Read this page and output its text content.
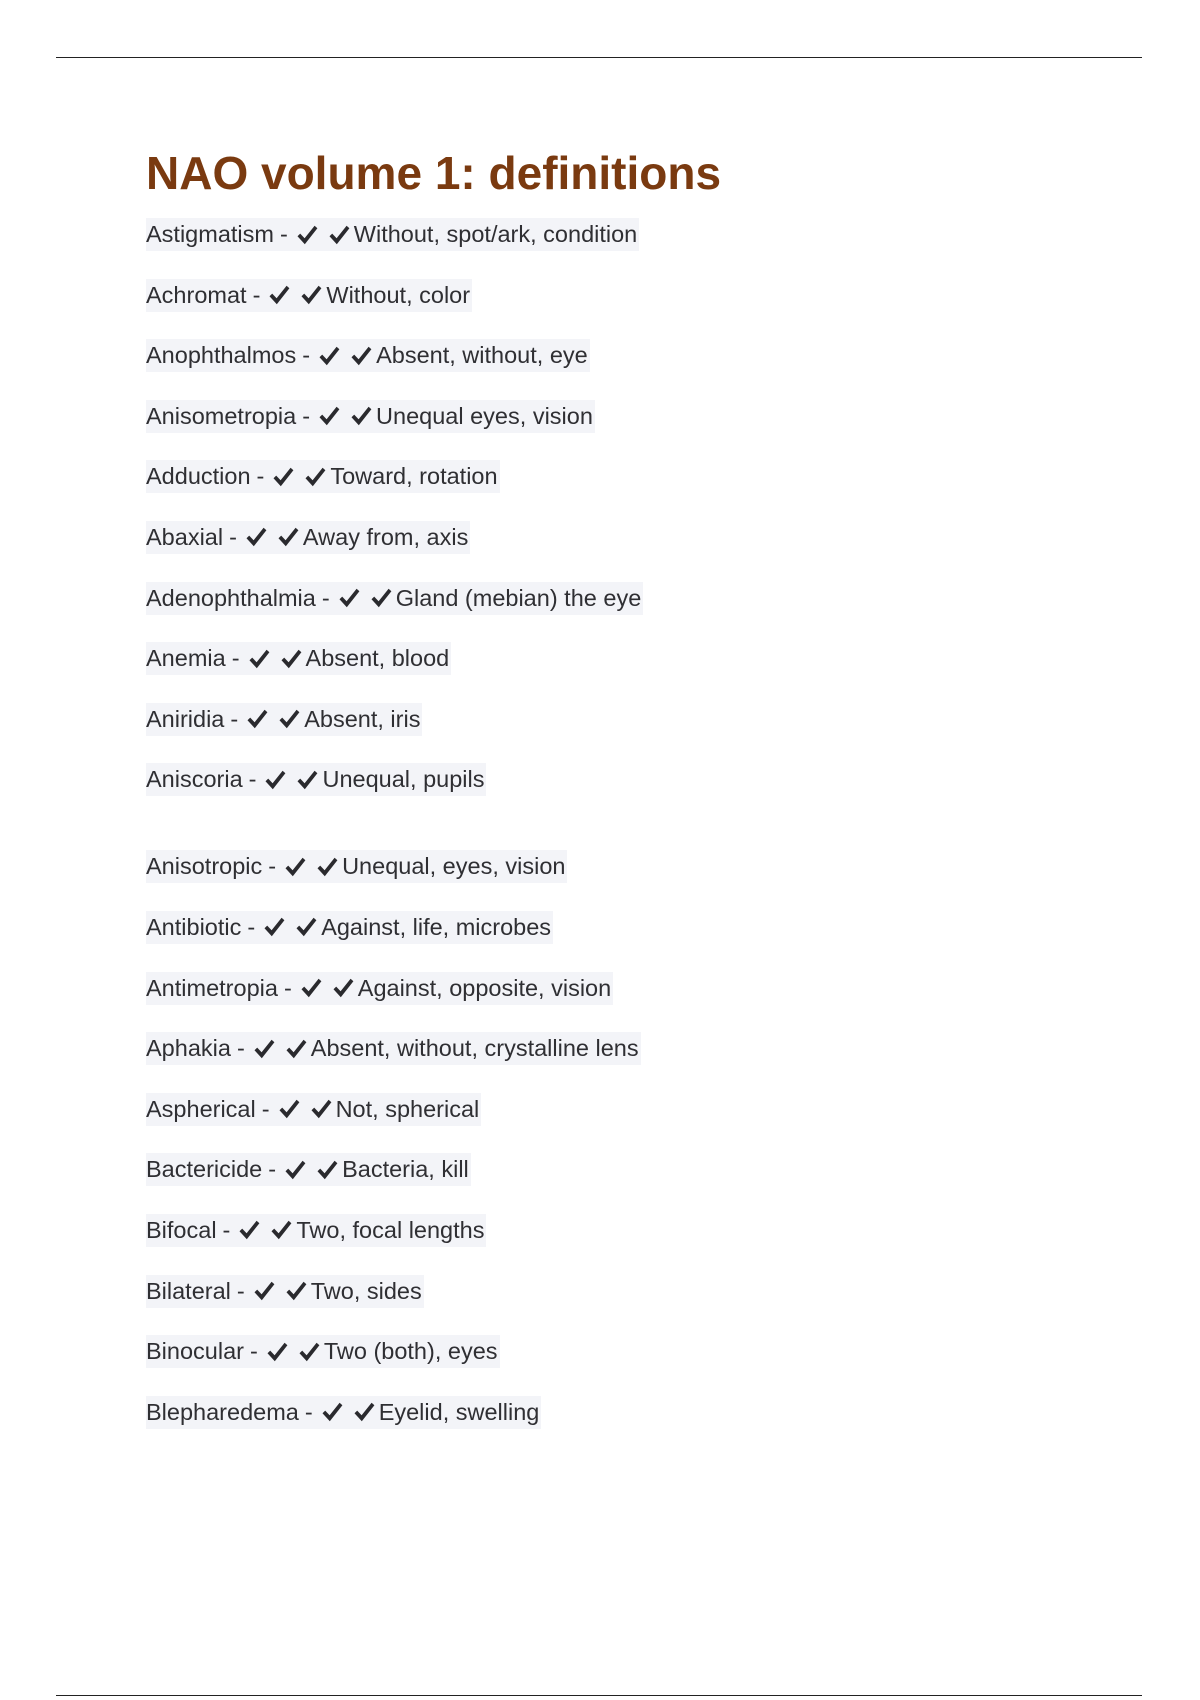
NAO volume 1: definitions
Astigmatism -	Without, spot/ark, condition
Achromat -	Without, color
Anophthalmos -	Absent, without, eye
Anisometropia -	Unequal eyes, vision
Adduction -	Toward, rotation
Abaxial -	Away from, axis
Adenophthalmia -	Gland (mebian) the eye
Anemia -	Absent, blood
Aniridia -	Absent, iris
Aniscoria -	Unequal, pupils
Anisotropic -	Unequal, eyes, vision
Antibiotic -	Against, life, microbes
Antimetropia -	Against, opposite, vision
Aphakia -	Absent, without, crystalline lens
Aspherical -	Not, spherical
Bactericide -	Bacteria, kill
Bifocal -	Two, focal lengths
Bilateral -	Two, sides
Binocular -	Two (both), eyes
Blepharedema -	Eyelid, swelling
